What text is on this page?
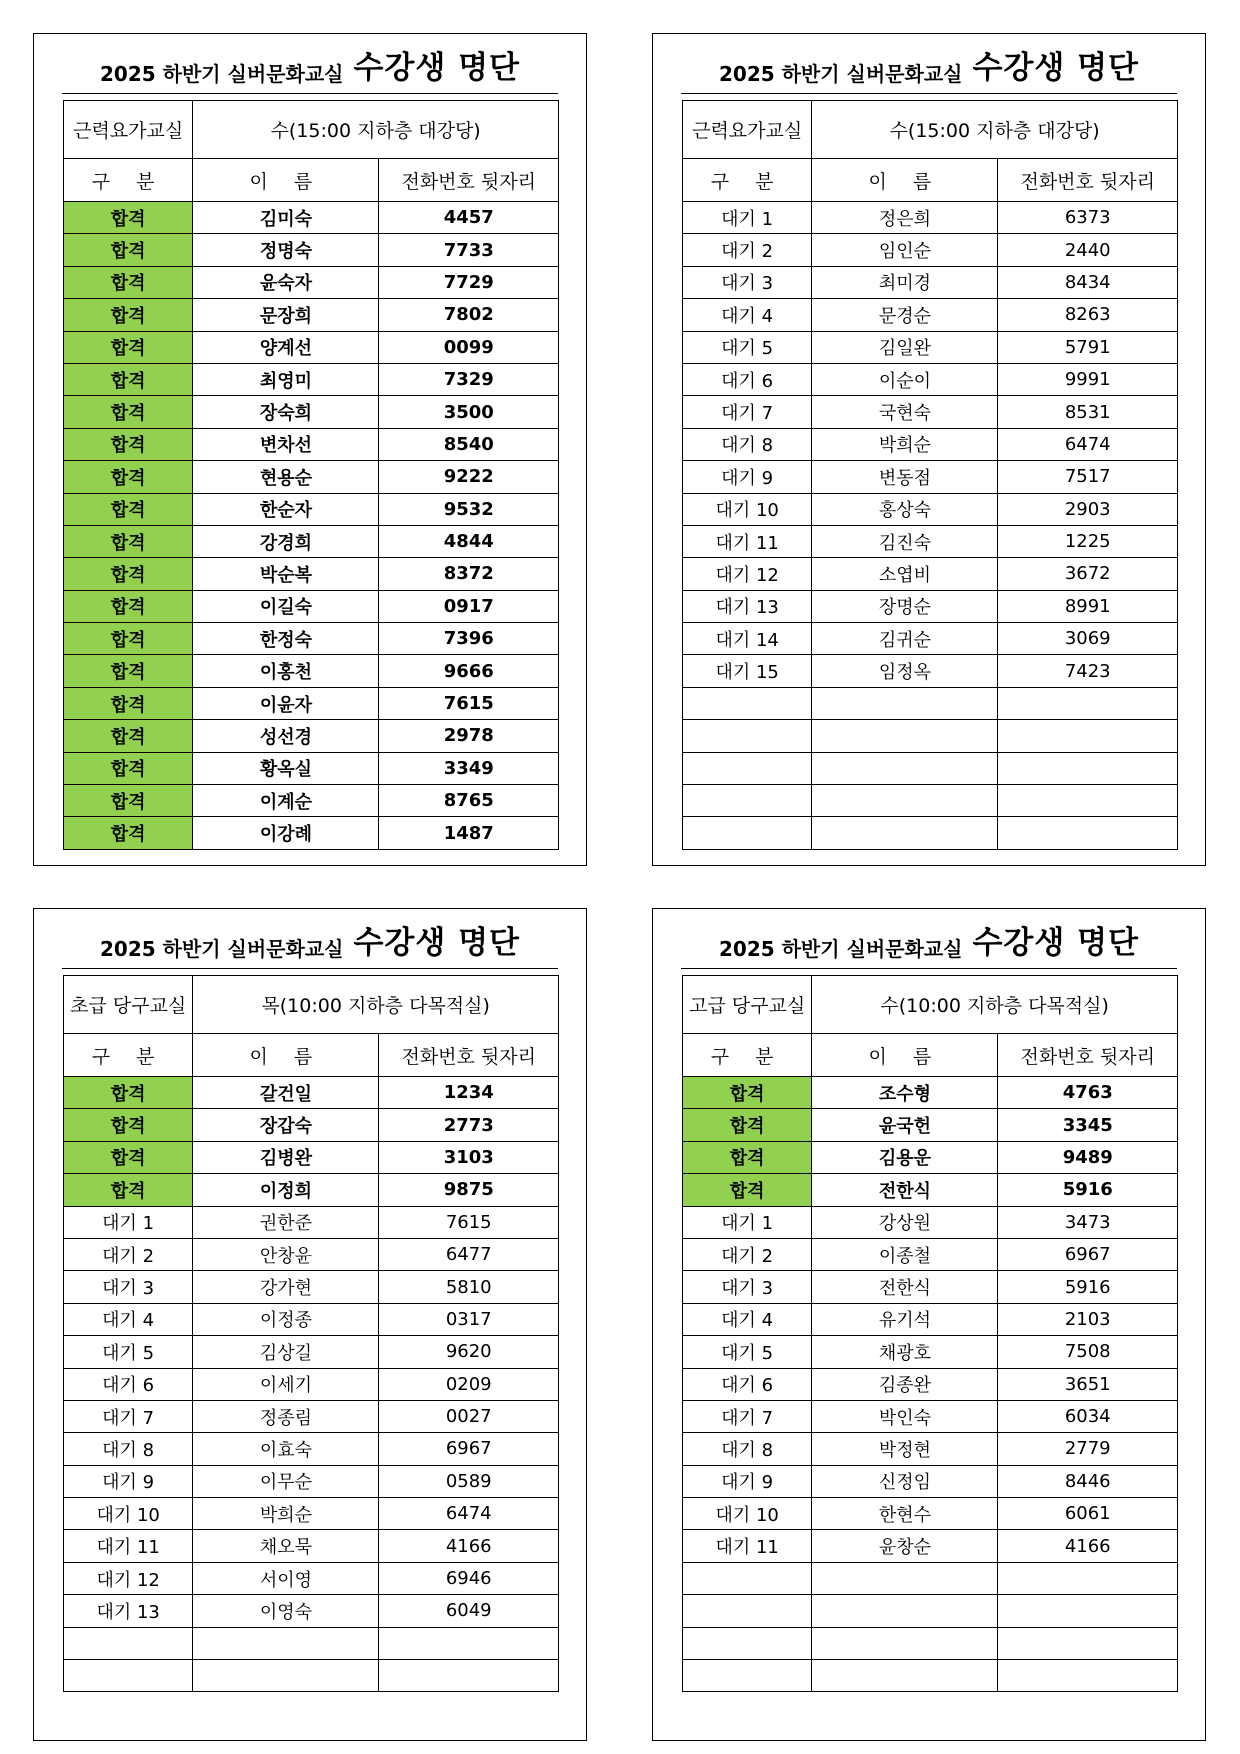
2025 하반기 실버문화교실 수강생 명단
근력요가교실	수(15:00 지하층 대강당)	
구 분	이 름	전화번호 뒷자리
합격	김미숙	4457
합격	정명숙	7733
합격	윤숙자	7729
합격	문장희	7802
합격	양계선	0099
합격	최영미	7329
합격	장숙희	3500
합격	변차선	8540
합격	현용순	9222
합격	한순자	9532
합격	강경희	4844
합격	박순복	8372
합격	이길숙	0917
합격	한정숙	7396
합격	이홍천	9666
합격	이윤자	7615
합격	성선경	2978
합격	황옥실	3349
합격	이계순	8765
합격	이강례	1487
2025 하반기 실버문화교실 수강생 명단
근력요가교실	수(15:00 지하층 대강당)	
구 분	이 름	전화번호 뒷자리
대기 1	정은희	6373
대기 2	임인순	2440
대기 3	최미경	8434
대기 4	문경순	8263
대기 5	김일완	5791
대기 6	이순이	9991
대기 7	국현숙	8531
대기 8	박희순	6474
대기 9	변동점	7517
대기 10	홍상숙	2903
대기 11	김진숙	1225
대기 12	소엽비	3672
대기 13	장명순	8991
대기 14	김귀순	3069
대기 15	임정옥	7423

2025 하반기 실버문화교실 수강생 명단
초급 당구교실	목(10:00 지하층 다목적실)	
구 분	이 름	전화번호 뒷자리
합격	갈건일	1234
합격	장갑숙	2773
합격	김병완	3103
합격	이정희	9875
대기 1	권한준	7615
대기 2	안창윤	6477
대기 3	강가현	5810
대기 4	이정종	0317
대기 5	김상길	9620
대기 6	이세기	0209
대기 7	정종림	0027
대기 8	이효숙	6967
대기 9	이무순	0589
대기 10	박희순	6474
대기 11	채오묵	4166
대기 12	서이영	6946
대기 13	이영숙	6049

2025 하반기 실버문화교실 수강생 명단
고급 당구교실	수(10:00 지하층 다목적실)	
구 분	이 름	전화번호 뒷자리
합격	조수형	4763
합격	윤국헌	3345
합격	김용운	9489
합격	전한식	5916
대기 1	강상원	3473
대기 2	이종철	6967
대기 3	전한식	5916
대기 4	유기석	2103
대기 5	채광호	7508
대기 6	김종완	3651
대기 7	박인숙	6034
대기 8	박정현	2779
대기 9	신정임	8446
대기 10	한현수	6061
대기 11	윤창순	4166
